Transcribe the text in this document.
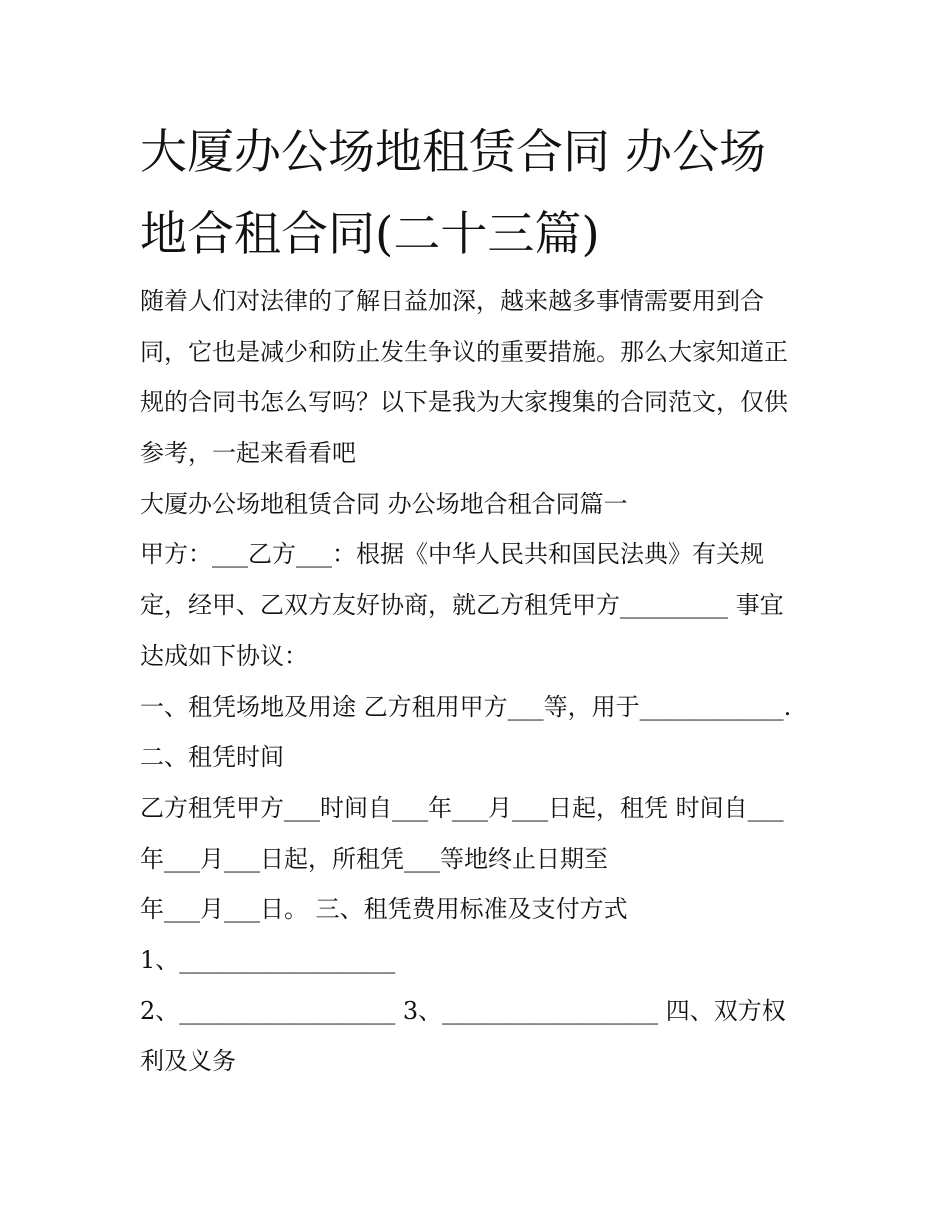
大厦办公场地租赁合同 办公场
地合租合同(二十三篇)
随着人们对法律的了解日益加深，越来越多事情需要用到合
同，它也是减少和防止发生争议的重要措施。那么大家知道正
规的合同书怎么写吗？以下是我为大家搜集的合同范文，仅供
参考，一起来看看吧
大厦办公场地租赁合同 办公场地合租合同篇一
甲方：___乙方___：根据《中华人民共和国民法典》有关规
定，经甲、乙双方友好协商，就乙方租凭甲方_________ 事宜
达成如下协议：
一、租凭场地及用途 乙方租用甲方___等，用于____________.
二、租凭时间
乙方租凭甲方___时间自___年___月___日起，租凭 时间自___
年___月___日起，所租凭___等地终止日期至
年___月___日。 三、租凭费用标准及支付方式
1、__________________
2、__________________ 3、__________________ 四、双方权
利及义务
